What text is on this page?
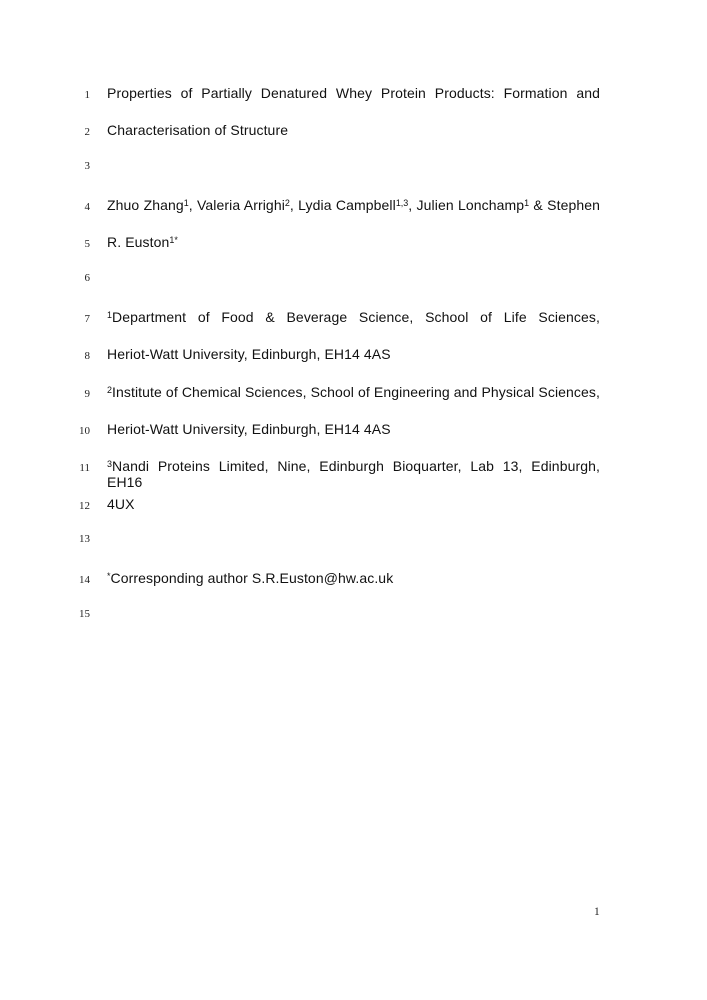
1 Properties of Partially Denatured Whey Protein Products: Formation and
2 Characterisation of Structure
3
4 Zhuo Zhang$^1$, Valeria Arrighi$^2$, Lydia Campbell$^{1,3}$, Julien Lonchamp$^1$ & Stephen
5 R. Euston$^{1*}$
6
7 $^1$Department of Food & Beverage Science, School of Life Sciences,
8 Heriot-Watt University, Edinburgh, EH14 4AS
9 $^2$Institute of Chemical Sciences, School of Engineering and Physical Sciences,
10 Heriot-Watt University, Edinburgh, EH14 4AS
11 $^3$Nandi Proteins Limited, Nine, Edinburgh Bioquarter, Lab 13, Edinburgh, EH16
12 4UX
13
14 *Corresponding author S.R.Euston@hw.ac.uk
15
1
